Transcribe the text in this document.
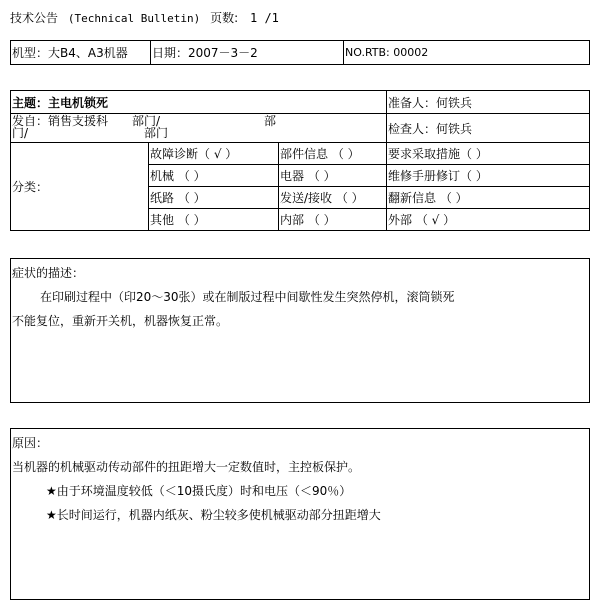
技术公告 (Technical Bulletin) 页数: 1 /1
机型：大B4、A3机器	日期：2007－3－2	NO.RTB: 00002
主题：主电机锁死			准备人：何铁兵

发自：销售支援科 部门/ 部
门/ 部门			检查人：何铁兵
分类：	故障诊断（ √ ）	部件信息 （ ）	要求采取措施（ ）
	机械 （ ）	电器 （ ）	维修手册修订（ ）
	纸路 （ ）	发送/接收 （ ）	翻新信息 （ ）
	其他 （ ）	内部 （ ）	外部 （ √ ）
症状的描述：
在印刷过程中（印20～30张）或在制版过程中间歇性发生突然停机，滚筒锁死
不能复位，重新开关机，机器恢复正常。
原因：
当机器的机械驱动传动部件的扭距增大一定数值时，主控板保护。
★由于环境温度较低（＜10摄氏度）时和电压（＜90％）
★长时间运行，机器内纸灰、粉尘较多使机械驱动部分扭距增大
